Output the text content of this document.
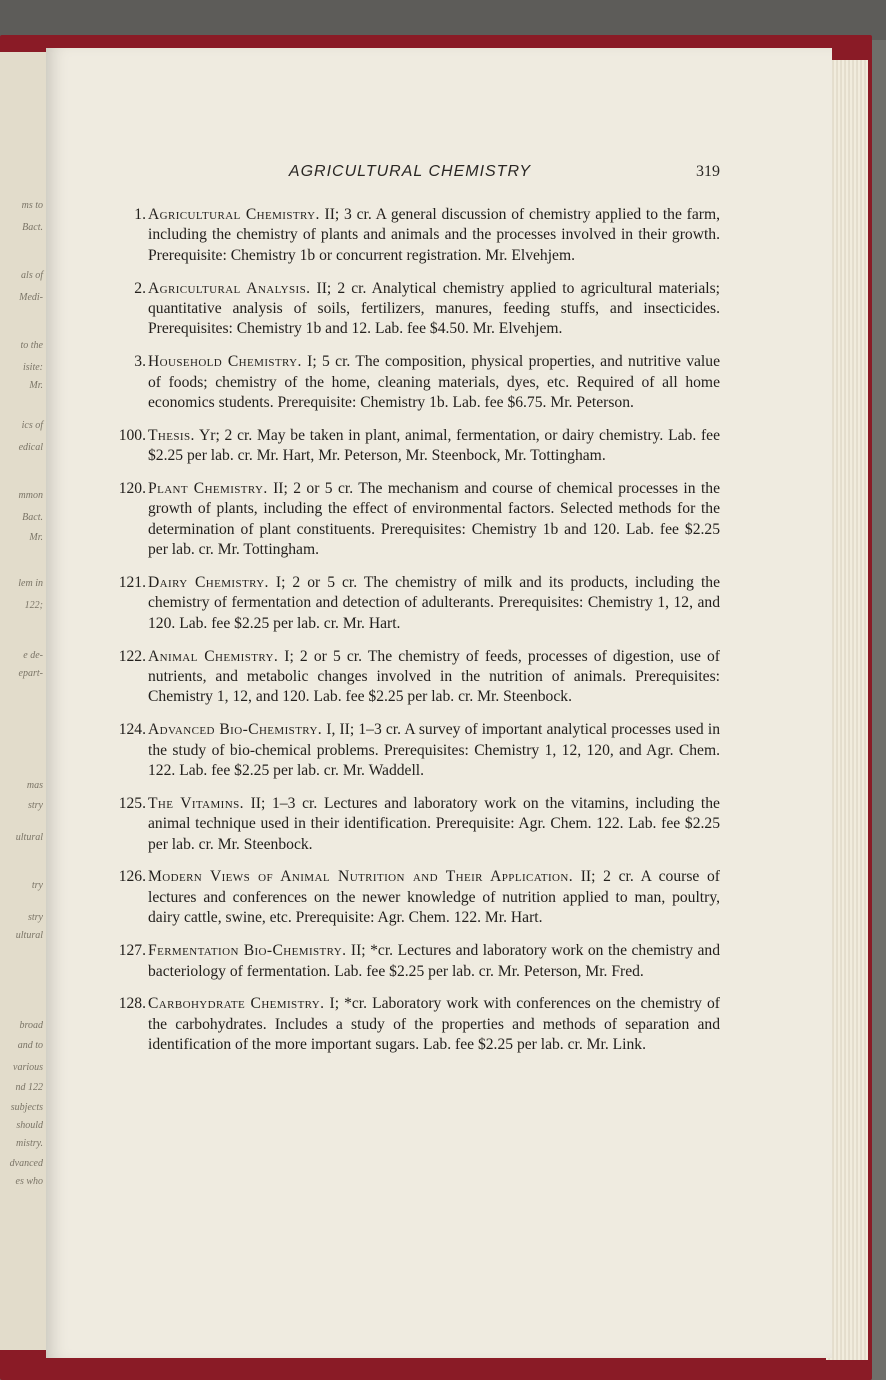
ms to
Bact.
als of
Medi-
to the
isite:
Mr.
ics of
edical
mmon
Bact.
Mr.
lem in
122;
e de-
epart-
mas
stry
ultural
try
stry
ultural
broad
and to
various
nd 122
subjects
should
mistry.
dvanced
es who
AGRICULTURAL CHEMISTRY	319
1. Agricultural Chemistry. II; 3 cr. A general discussion of chemistry applied to the farm, including the chemistry of plants and animals and the processes involved in their growth. Prerequisite: Chemistry 1b or concurrent registration. Mr. Elvehjem.
2. Agricultural Analysis. II; 2 cr. Analytical chemistry applied to agricultural materials; quantitative analysis of soils, fertilizers, manures, feeding stuffs, and insecticides. Prerequisites: Chemistry 1b and 12. Lab. fee $4.50. Mr. Elvehjem.
3. Household Chemistry. I; 5 cr. The composition, physical properties, and nutritive value of foods; chemistry of the home, cleaning materials, dyes, etc. Required of all home economics students. Prerequisite: Chemistry 1b. Lab. fee $6.75. Mr. Peterson.
100. Thesis. Yr; 2 cr. May be taken in plant, animal, fermentation, or dairy chemistry. Lab. fee $2.25 per lab. cr. Mr. Hart, Mr. Peterson, Mr. Steenbock, Mr. Tottingham.
120. Plant Chemistry. II; 2 or 5 cr. The mechanism and course of chemical processes in the growth of plants, including the effect of environmental factors. Selected methods for the determination of plant constituents. Prerequisites: Chemistry 1b and 120. Lab. fee $2.25 per lab. cr. Mr. Tottingham.
121. Dairy Chemistry. I; 2 or 5 cr. The chemistry of milk and its products, including the chemistry of fermentation and detection of adulterants. Prerequisites: Chemistry 1, 12, and 120. Lab. fee $2.25 per lab. cr. Mr. Hart.
122. Animal Chemistry. I; 2 or 5 cr. The chemistry of feeds, processes of digestion, use of nutrients, and metabolic changes involved in the nutrition of animals. Prerequisites: Chemistry 1, 12, and 120. Lab. fee $2.25 per lab. cr. Mr. Steenbock.
124. Advanced Bio-Chemistry. I, II; 1–3 cr. A survey of important analytical processes used in the study of bio-chemical problems. Prerequisites: Chemistry 1, 12, 120, and Agr. Chem. 122. Lab. fee $2.25 per lab. cr. Mr. Waddell.
125. The Vitamins. II; 1–3 cr. Lectures and laboratory work on the vitamins, including the animal technique used in their identification. Prerequisite: Agr. Chem. 122. Lab. fee $2.25 per lab. cr. Mr. Steenbock.
126. Modern Views of Animal Nutrition and Their Application. II; 2 cr. A course of lectures and conferences on the newer knowledge of nutrition applied to man, poultry, dairy cattle, swine, etc. Prerequisite: Agr. Chem. 122. Mr. Hart.
127. Fermentation Bio-Chemistry. II; *cr. Lectures and laboratory work on the chemistry and bacteriology of fermentation. Lab. fee $2.25 per lab. cr. Mr. Peterson, Mr. Fred.
128. Carbohydrate Chemistry. I; *cr. Laboratory work with conferences on the chemistry of the carbohydrates. Includes a study of the properties and methods of separation and identification of the more important sugars. Lab. fee $2.25 per lab. cr. Mr. Link.
